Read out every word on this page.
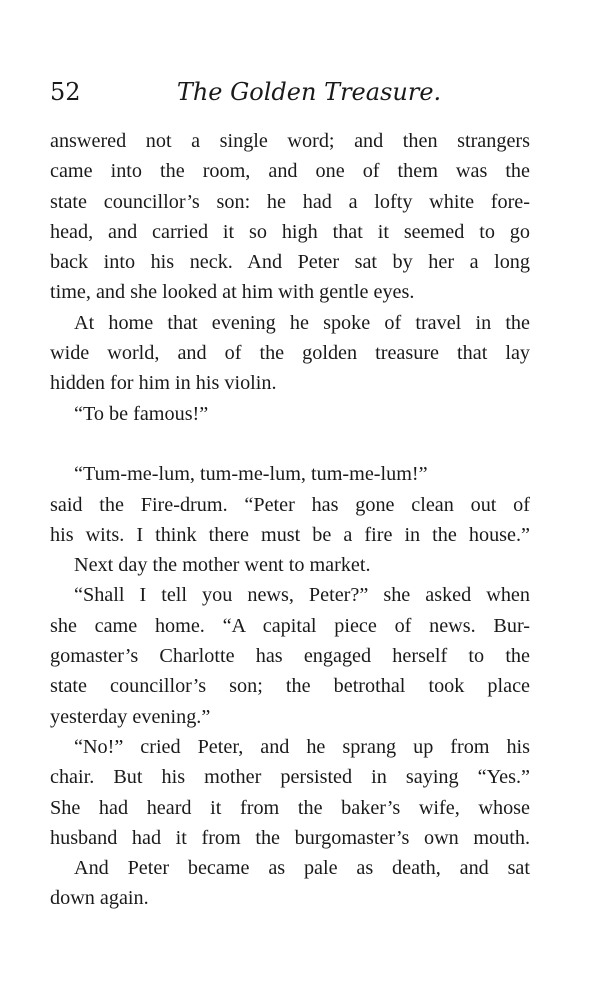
52	The Golden Treasure.
answered not a single word; and then strangers
came into the room, and one of them was the
state councillor’s son: he had a lofty white fore-
head, and carried it so high that it seemed to go
back into his neck. And Peter sat by her a long
time, and she looked at him with gentle eyes.
At home that evening he spoke of travel in the
wide world, and of the golden treasure that lay
hidden for him in his violin.
“To be famous!”
“Tum-me-lum, tum-me-lum, tum-me-lum!”
said the Fire-drum. “Peter has gone clean out of
his wits. I think there must be a fire in the house.”
Next day the mother went to market.
“Shall I tell you news, Peter?” she asked when
she came home. “A capital piece of news. Bur-
gomaster’s Charlotte has engaged herself to the
state councillor’s son; the betrothal took place
yesterday evening.”
“No!” cried Peter, and he sprang up from his
chair. But his mother persisted in saying “Yes.”
She had heard it from the baker’s wife, whose
husband had it from the burgomaster’s own mouth.
And Peter became as pale as death, and sat
down again.
